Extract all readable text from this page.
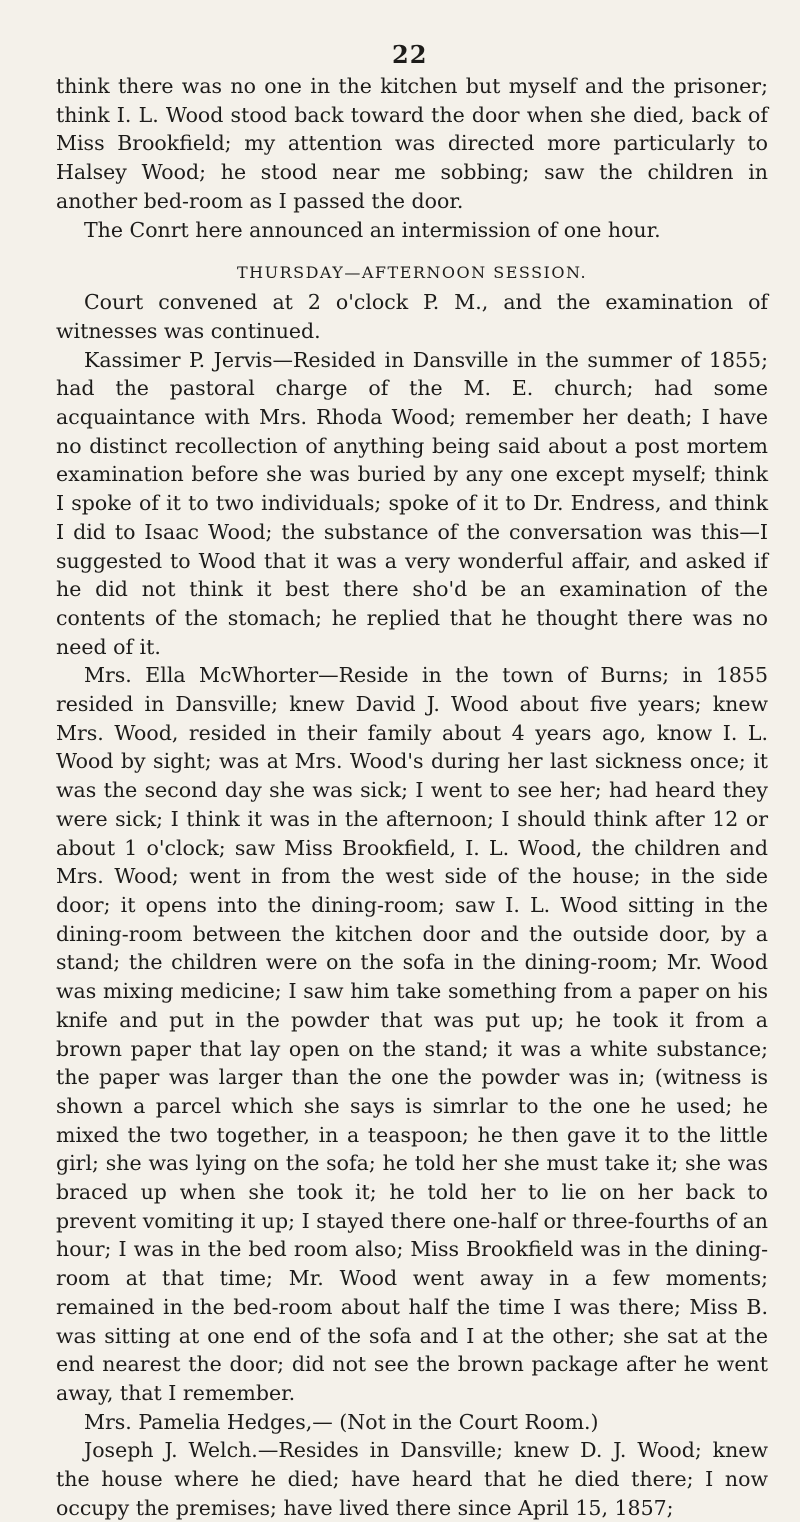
22

think there was no one in the kitchen but myself and the prisoner; think I. L. Wood stood back toward the door when she died, back of Miss Brookfield; my attention was directed more particularly to Halsey Wood; he stood near me sobbing; saw the children in another bed-room as I passed the door.

The Conrt here announced an intermission of one hour.

THURSDAY—AFTERNOON SESSION.

Court convened at 2 o'clock P. M., and the examination of witnesses was continued.

Kassimer P. Jervis—Resided in Dansville in the summer of 1855; had the pastoral charge of the M. E. church; had some acquaintance with Mrs. Rhoda Wood; remember her death; I have no distinct recollection of anything being said about a post mortem examination before she was buried by any one except myself; think I spoke of it to two individuals; spoke of it to Dr. Endress, and think I did to Isaac Wood; the substance of the conversation was this—I suggested to Wood that it was a very wonderful affair, and asked if he did not think it best there sho'd be an examination of the contents of the stomach; he replied that he thought there was no need of it.

Mrs. Ella McWhorter—Reside in the town of Burns; in 1855 resided in Dansville; knew David J. Wood about five years; knew Mrs. Wood, resided in their family about 4 years ago, know I. L. Wood by sight; was at Mrs. Wood's during her last sickness once; it was the second day she was sick; I went to see her; had heard they were sick; I think it was in the afternoon; I should think after 12 or about 1 o'clock; saw Miss Brookfield, I. L. Wood, the children and Mrs. Wood; went in from the west side of the house; in the side door; it opens into the dining-room; saw I. L. Wood sitting in the dining-room between the kitchen door and the outside door, by a stand; the children were on the sofa in the dining-room; Mr. Wood was mixing medicine; I saw him take something from a paper on his knife and put in the powder that was put up; he took it from a brown paper that lay open on the stand; it was a white substance; the paper was larger than the one the powder was in; (witness is shown a parcel which she says is simrlar to the one he used; he mixed the two together, in a teaspoon; he then gave it to the little girl; she was lying on the sofa; he told her she must take it; she was braced up when she took it; he told her to lie on her back to prevent vomiting it up; I stayed there one-half or three-fourths of an hour; I was in the bed room also; Miss Brookfield was in the dining-room at that time; Mr. Wood went away in a few moments; remained in the bed-room about half the time I was there; Miss B. was sitting at one end of the sofa and I at the other; she sat at the end nearest the door; did not see the brown package after he went away, that I remember.

Mrs. Pamelia Hedges,— (Not in the Court Room.)

Joseph J. Welch.—Resides in Dansville; knew D. J. Wood; knew the house where he died; have heard that he died there; I now occupy the premises; have lived there since April 15, 1857;
